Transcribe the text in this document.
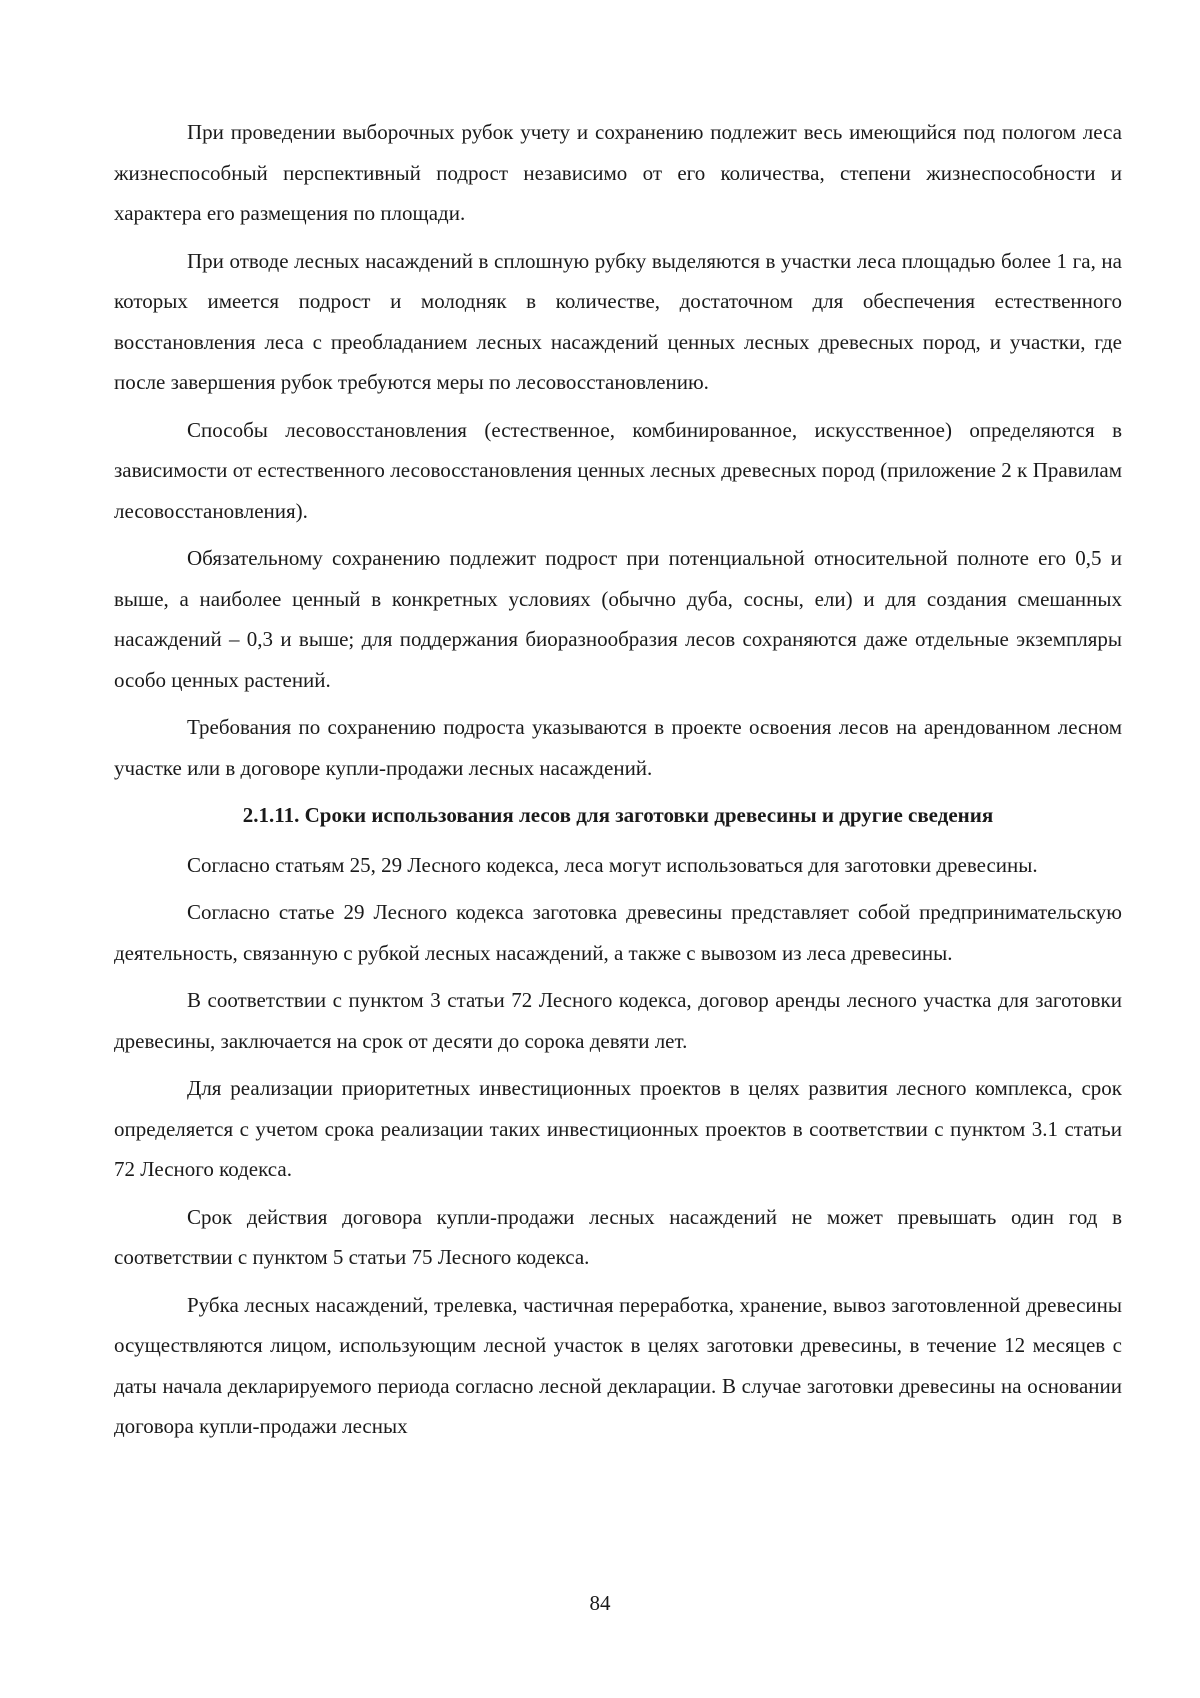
При проведении выборочных рубок учету и сохранению подлежит весь имеющийся под пологом леса жизнеспособный перспективный подрост независимо от его количества, степени жизнеспособности и характера его размещения по площади.

При отводе лесных насаждений в сплошную рубку выделяются в участки леса площадью более 1 га, на которых имеется подрост и молодняк в количестве, достаточном для обеспечения естественного восстановления леса с преобладанием лесных насаждений ценных лесных древесных пород, и участки, где после завершения рубок требуются меры по лесовосстановлению.

Способы лесовосстановления (естественное, комбинированное, искусственное) определяются в зависимости от естественного лесовосстановления ценных лесных древесных пород (приложение 2 к Правилам лесовосстановления).

Обязательному сохранению подлежит подрост при потенциальной относительной полноте его 0,5 и выше, а наиболее ценный в конкретных условиях (обычно дуба, сосны, ели) и для создания смешанных насаждений – 0,3 и выше; для поддержания биоразнообразия лесов сохраняются даже отдельные экземпляры особо ценных растений.

Требования по сохранению подроста указываются в проекте освоения лесов на арендованном лесном участке или в договоре купли-продажи лесных насаждений.

2.1.11. Сроки использования лесов для заготовки древесины и другие сведения

Согласно статьям 25, 29 Лесного кодекса, леса могут использоваться для заготовки древесины.

Согласно статье 29 Лесного кодекса заготовка древесины представляет собой предпринимательскую деятельность, связанную с рубкой лесных насаждений, а также с вывозом из леса древесины.

В соответствии с пунктом 3 статьи 72 Лесного кодекса, договор аренды лесного участка для заготовки древесины, заключается на срок от десяти до сорока девяти лет.

Для реализации приоритетных инвестиционных проектов в целях развития лесного комплекса, срок определяется с учетом срока реализации таких инвестиционных проектов в соответствии с пунктом 3.1 статьи 72 Лесного кодекса.

Срок действия договора купли-продажи лесных насаждений не может превышать один год в соответствии с пунктом 5 статьи 75 Лесного кодекса.

Рубка лесных насаждений, трелевка, частичная переработка, хранение, вывоз заготовленной древесины осуществляются лицом, использующим лесной участок в целях заготовки древесины, в течение 12 месяцев с даты начала декларируемого периода согласно лесной декларации. В случае заготовки древесины на основании договора купли-продажи лесных

84
